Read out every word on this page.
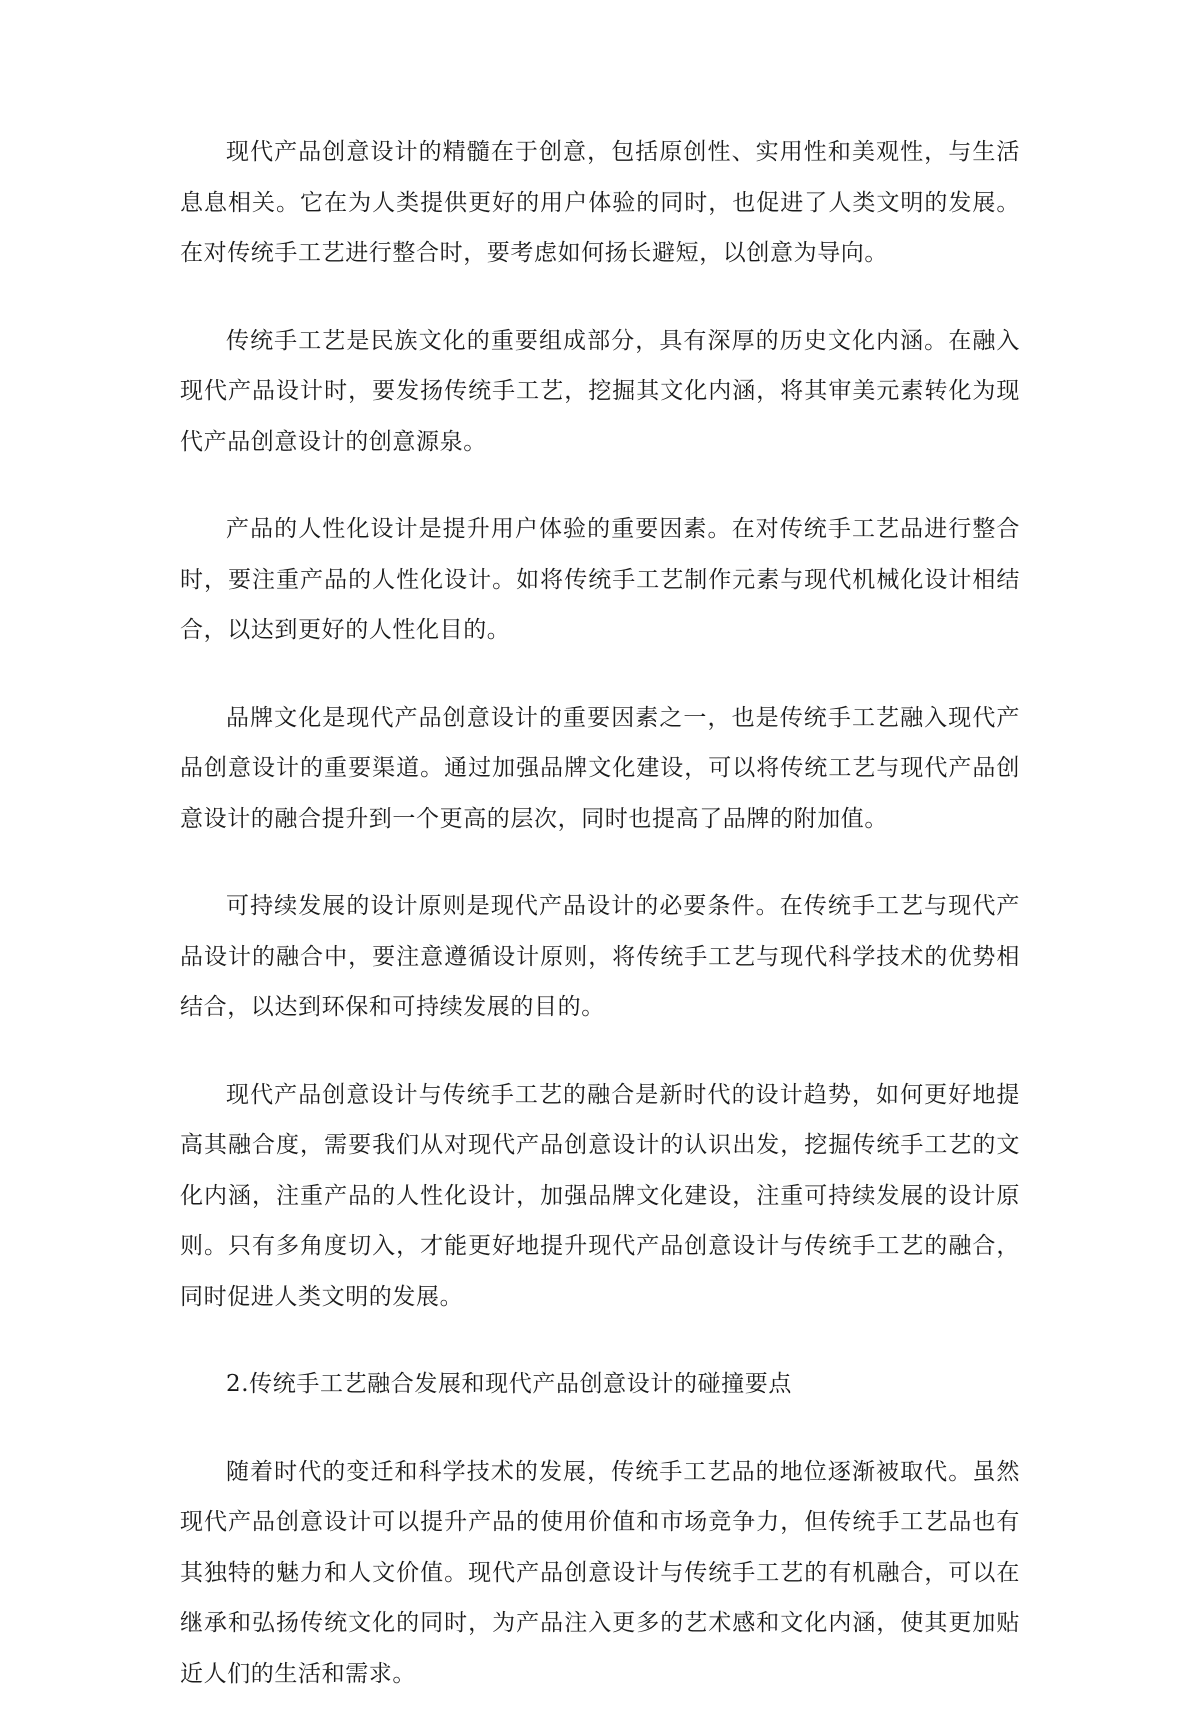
现代产品创意设计的精髓在于创意，包括原创性、实用性和美观性，与生活息息相关。它在为人类提供更好的用户体验的同时，也促进了人类文明的发展。在对传统手工艺进行整合时，要考虑如何扬长避短，以创意为导向。

传统手工艺是民族文化的重要组成部分，具有深厚的历史文化内涵。在融入现代产品设计时，要发扬传统手工艺，挖掘其文化内涵，将其审美元素转化为现代产品创意设计的创意源泉。

产品的人性化设计是提升用户体验的重要因素。在对传统手工艺品进行整合时，要注重产品的人性化设计。如将传统手工艺制作元素与现代机械化设计相结合，以达到更好的人性化目的。

品牌文化是现代产品创意设计的重要因素之一，也是传统手工艺融入现代产品创意设计的重要渠道。通过加强品牌文化建设，可以将传统工艺与现代产品创意设计的融合提升到一个更高的层次，同时也提高了品牌的附加值。

可持续发展的设计原则是现代产品设计的必要条件。在传统手工艺与现代产品设计的融合中，要注意遵循设计原则，将传统手工艺与现代科学技术的优势相结合，以达到环保和可持续发展的目的。

现代产品创意设计与传统手工艺的融合是新时代的设计趋势，如何更好地提高其融合度，需要我们从对现代产品创意设计的认识出发，挖掘传统手工艺的文化内涵，注重产品的人性化设计，加强品牌文化建设，注重可持续发展的设计原则。只有多角度切入，才能更好地提升现代产品创意设计与传统手工艺的融合，同时促进人类文明的发展。

2.传统手工艺融合发展和现代产品创意设计的碰撞要点

随着时代的变迁和科学技术的发展，传统手工艺品的地位逐渐被取代。虽然现代产品创意设计可以提升产品的使用价值和市场竞争力，但传统手工艺品也有其独特的魅力和人文价值。现代产品创意设计与传统手工艺的有机融合，可以在继承和弘扬传统文化的同时，为产品注入更多的艺术感和文化内涵，使其更加贴近人们的生活和需求。
